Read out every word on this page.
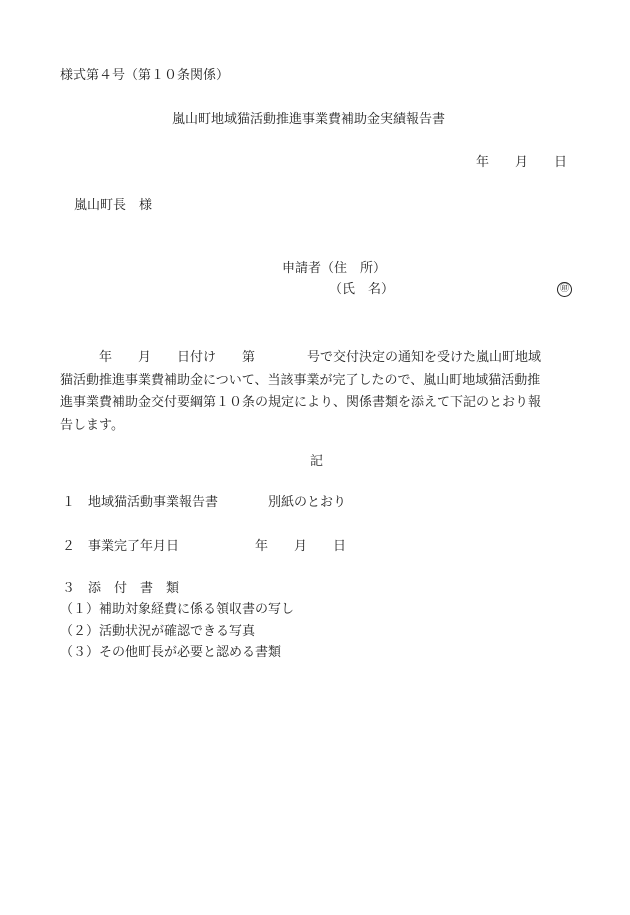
様式第４号（第１０条関係）
嵐山町地域猫活動推進事業費補助金実績報告書
年　　月　　日
嵐山町長　様
申請者（住　所）
（氏　名）	㊞
　　　年　　月　　日付け　　第　　　　号で交付決定の通知を受けた嵐山町地域
猫活動推進事業費補助金について、当該事業が完了したので、嵐山町地域猫活動推
進事業費補助金交付要綱第１０条の規定により、関係書類を添えて下記のとおり報
告します。
記
１　地域猫活動事業報告書	別紙のとおり
２　事業完了年月日	年　　月　　日
３　添　付　書　類
（１）補助対象経費に係る領収書の写し
（２）活動状況が確認できる写真
（３）その他町長が必要と認める書類
